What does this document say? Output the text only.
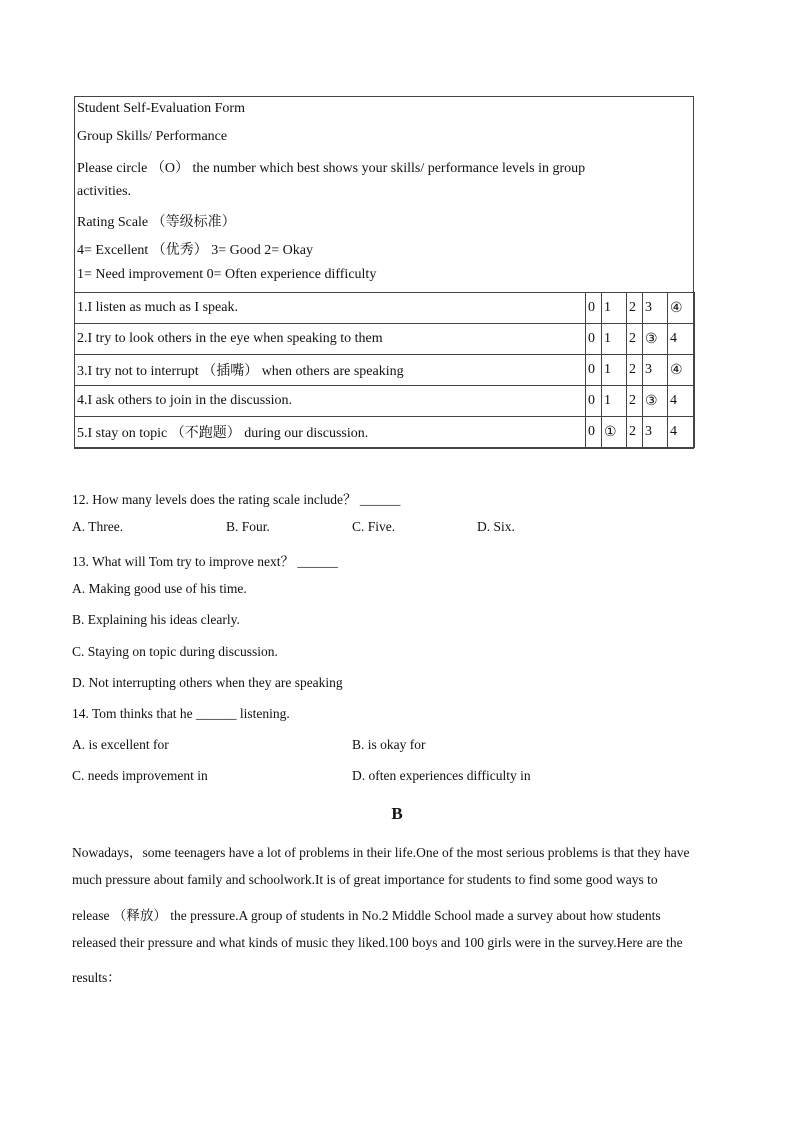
Student Self-Evaluation Form
Group Skills/ Performance
Please circle （O） the number which best shows your skills/ performance levels in group
activities.
Rating Scale （等级标准）
4= Excellent （优秀） 3= Good 2= Okay
1= Need improvement 0= Often experience difficulty
1.I listen as much as I speak.	0	1	2	3	④
2.I try to look others in the eye when speaking to them	0	1	2	③	4
3.I try not to interrupt （插嘴） when others are speaking	0	1	2	3	④
4.I ask others to join in the discussion.	0	1	2	③	4
5.I stay on topic （不跑题） during our discussion.	0	①	2	3	4
12. How many levels does the rating scale include？ ______
A. Three.	B. Four.	C. Five.	D. Six.
13. What will Tom try to improve next？ ______
A. Making good use of his time.
B. Explaining his ideas clearly.
C. Staying on topic during discussion.
D. Not interrupting others when they are speaking
14. Tom thinks that he ______ listening.
A. is excellent for	B. is okay for
C. needs improvement in	D. often experiences difficulty in
B
Nowadays，some teenagers have a lot of problems in their life.One of the most serious problems is that they have
much pressure about family and schoolwork.It is of great importance for students to find some good ways to
release （释放） the pressure.A group of students in No.2 Middle School made a survey about how students
released their pressure and what kinds of music they liked.100 boys and 100 girls were in the survey.Here are the
results：
